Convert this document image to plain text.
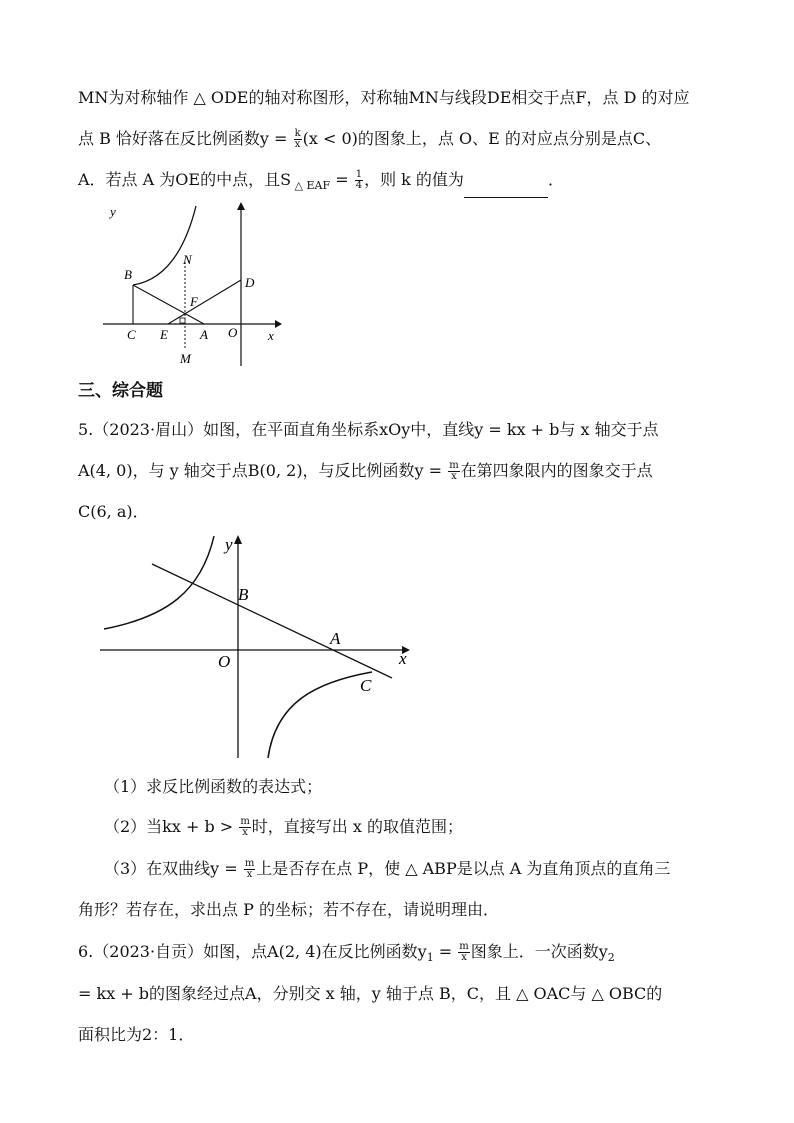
MN为对称轴作 △ ODE的轴对称图形，对称轴MN与线段DE相交于点F，点 D 的对应
点 B 恰好落在反比例函数$y = \frac{k}{x} (x < 0)$的图象上，点 O、E 的对应点分别是点C、
A．若点 A 为OE的中点，且S $_{\triangle EAF} = \frac{1}{4}$ ，则 k 的值为	．
y
x
N
B
D
F
C E A O
M
三、综合题
5.（2023·眉山）如图，在平面直角坐标系xOy中，直线y = kx + b与 x 轴交于点
A(4, 0)，与 y 轴交于点B(0, 2)，与反比例函数$y = \frac{m}{x}$ 在第四象限内的图象交于点
C(6, a)．
y
x
B
A
O
C
（1）求反比例函数的表达式；
（2）当kx + $b > \frac{m}{x}$ 时，直接写出 x 的取值范围；
（3）在双曲线$y = \frac{m}{x}$ 上是否存在点 P，使 △ ABP是以点 A 为直角顶点的直角三
角形？若存在，求出点 P 的坐标；若不存在，请说明理由．
6.（2023·自贡）如图，点A(2, 4)在反比例函数$y_1 = \frac{m}{x}$ 图象上．一次函数$y_2$
= kx + b的图象经过点A，分别交 x 轴，y 轴于点 B，C，且 △ OAC与 △ OBC的
面积比为2：1．
